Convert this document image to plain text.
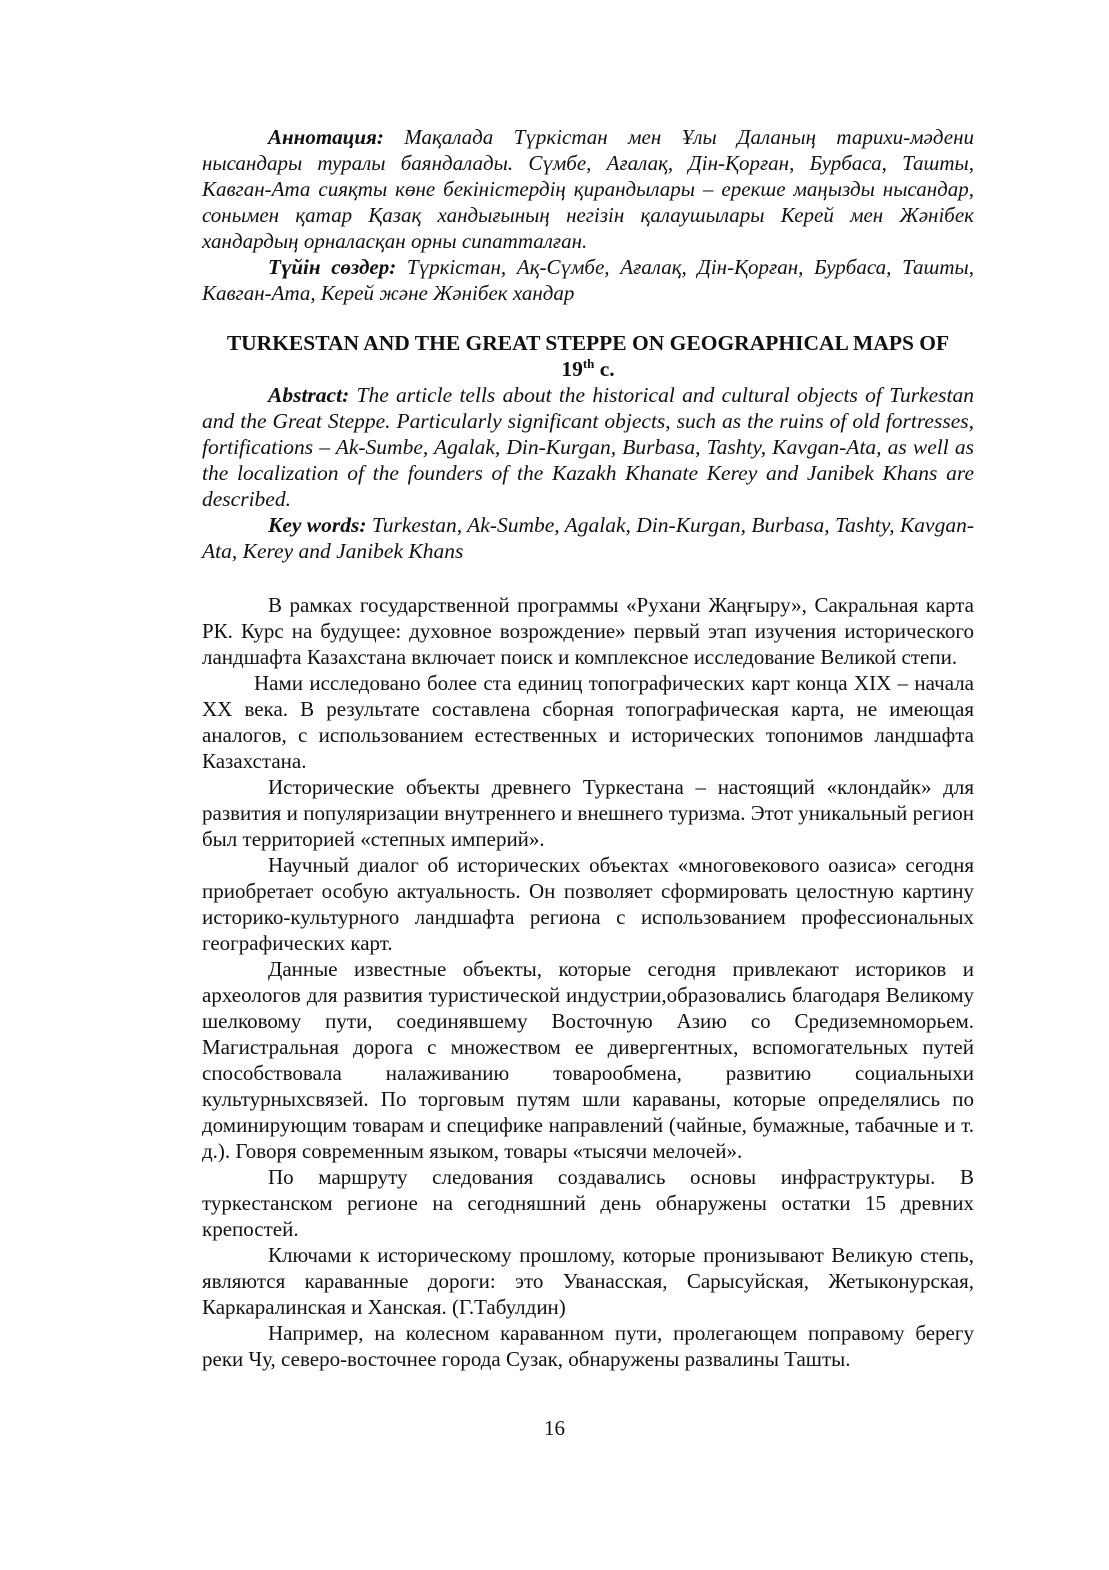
Аннотация: Мақалада Түркістан мен Ұлы Даланың тарихи-мәдени нысандары туралы баяндалады. Сүмбе, Ағалақ, Дін-Қорған, Бурбаса, Ташты, Кавган-Ата сияқты көне бекіністердің қирандылары – ерекше маңызды нысандар, сонымен қатар Қазақ хандығының негізін қалаушылары Керей мен Жәнібек хандардың орналасқан орны сипатталған.

Түйін сөздер: Түркістан, Ақ-Сүмбе, Ағалақ, Дін-Қорған, Бурбаса, Ташты, Кавган-Ата, Керей және Жәнібек хандар

TURKESTAN AND THE GREAT STEPPE ON GEOGRAPHICAL MAPS OF
19th c.

Abstract: The article tells about the historical and cultural objects of Turkestan and the Great Steppe. Particularly significant objects, such as the ruins of old fortresses, fortifications – Ak-Sumbe, Agalak, Din-Kurgan, Burbasa, Tashty, Kavgan-Ata, as well as the localization of the founders of the Kazakh Khanate Kerey and Janibek Khans are described.

Key words: Turkestan, Ak-Sumbe, Agalak, Din-Kurgan, Burbasa, Tashty, Kavgan-Ata, Kerey and Janibek Khans

В рамках государственной программы «Рухани Жаңғыру», Сакральная карта РК. Курс на будущее: духовное возрождение» первый этап изучения исторического ландшафта Казахстана включает поиск и комплексное исследование Великой степи.

Нами исследовано более ста единиц топографических карт конца XIX – начала XX века. В результате составлена сборная топографическая карта, не имеющая аналогов, с использованием естественных и исторических топонимов ландшафта Казахстана.

Исторические объекты древнего Туркестана – настоящий «клондайк» для развития и популяризации внутреннего и внешнего туризма. Этот уникальный регион был территорией «степных империй».

Научный диалог об исторических объектах «многовекового оазиса» сегодня приобретает особую актуальность. Он позволяет сформировать целостную картину историко-культурного ландшафта региона с использованием профессиональных географических карт.

Данные известные объекты, которые сегодня привлекают историков и археологов для развития туристической индустрии,образовались благодаря Великому шелковому пути, соединявшему Восточную Азию со Средиземноморьем. Магистральная дорога с множеством ее дивергентных, вспомогательных путей способствовала налаживанию товарообмена, развитию социальныхи культурныхсвязей. По торговым путям шли караваны, которые определялись по доминирующим товарам и специфике направлений (чайные, бумажные, табачные и т. д.). Говоря современным языком, товары «тысячи мелочей».

По маршруту следования создавались основы инфраструктуры. В туркестанском регионе на сегодняшний день обнаружены остатки 15 древних крепостей.

Ключами к историческому прошлому, которые пронизывают Великую степь, являются караванные дороги: это Уванасская, Сарысуйская, Жетыконурская, Каркаралинская и Ханская. (Г.Табулдин)

Например, на колесном караванном пути, пролегающем поправому берегу реки Чу, северо-восточнее города Сузак, обнаружены развалины Ташты.

16
